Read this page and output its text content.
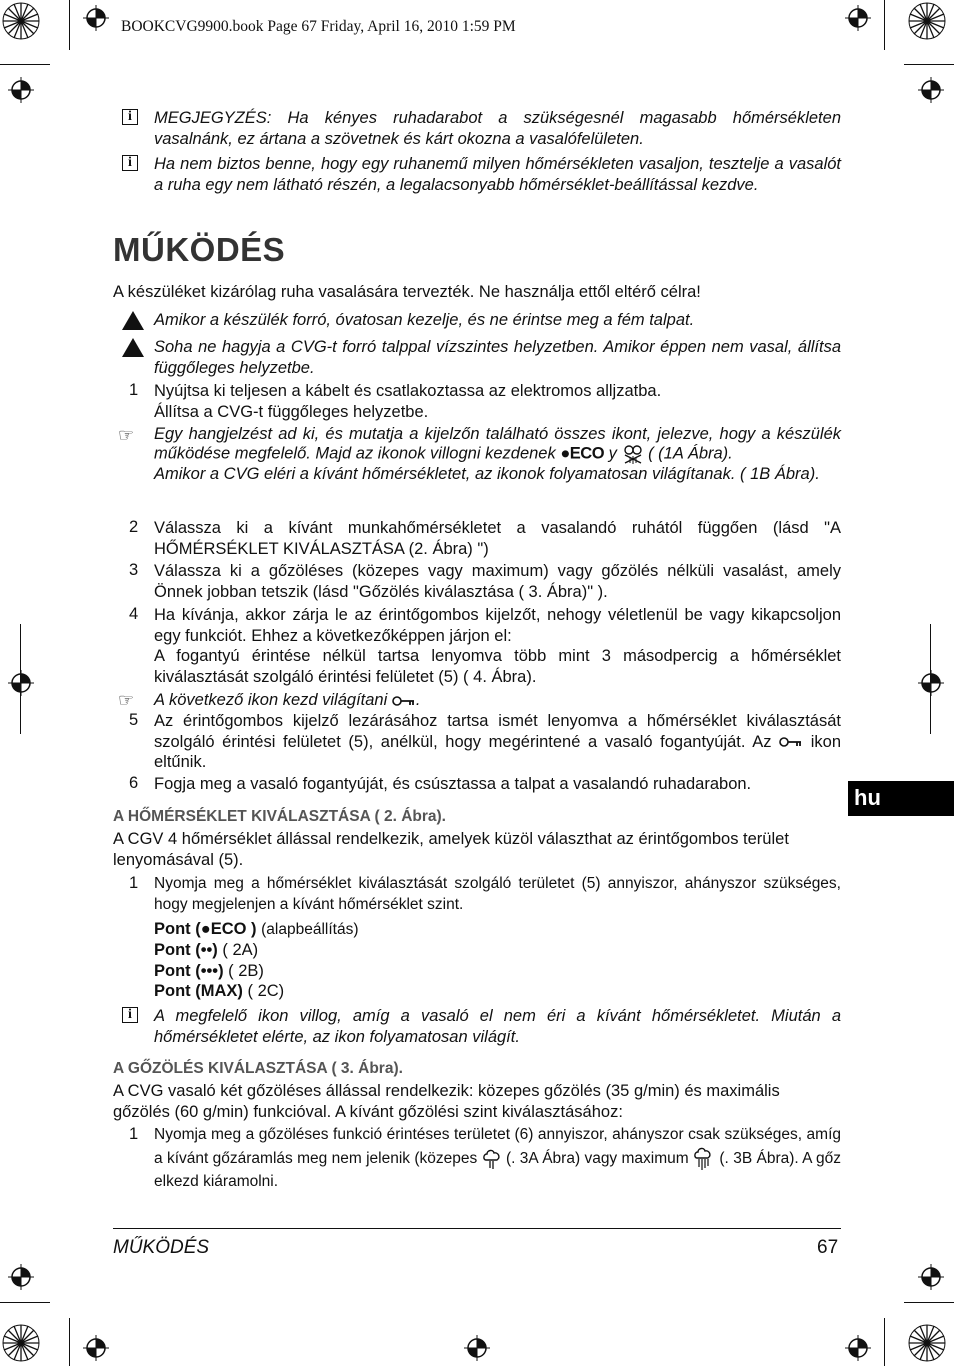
BOOKCVG9900.book Page 67 Friday, April 16, 2010 1:59 PM
i	MEGJEGYZÉS: Ha kényes ruhadarabot a szükségesnél magasabb hőmérsékleten vasalnánk, ez ártana a szövetnek és kárt okozna a vasalófelületen.

i	Ha nem biztos benne, hogy egy ruhanemű milyen hőmérsékleten vasaljon, tesztelje a vasalót a ruha egy nem látható részén, a legalacsonyabb hőmérséklet-beállítással kezdve.

MŰKÖDÉS

A készüléket kizárólag ruha vasalására tervezték. Ne használja ettől eltérő célra!

Amikor a készülék forró, óvatosan kezelje, és ne érintse meg a fém talpat.

Soha ne hagyja a CVG-t forró talppal vízszintes helyzetben. Amikor éppen nem vasal, állítsa függőleges helyzetbe.

1 Nyújtsa ki teljesen a kábelt és csatlakoztassa az elektromos alljzatba.

Állítsa a CVG-t függőleges helyzetbe.

☞ Egy hangjelzést ad ki, és mutatja a kijelzőn található összes ikont, jelezve, hogy a készülék működése megfelelő. Majd az ikonok villogni kezdenek ●ECO y ( (1A Ábra).

Amikor a CVG eléri a kívánt hőmérsékletet, az ikonok folyamatosan világítanak. ( 1B Ábra).

2 Válassza ki a kívánt munkahőmérsékletet a vasalandó ruhától függően (lásd "A HŐMÉRSÉKLET KIVÁLASZTÁSA (2. Ábra) ")

3 Válassza ki a gőzöléses (közepes vagy maximum) vagy gőzölés nélküli vasalást, amely Önnek jobban tetszik (lásd "Gőzölés kiválasztása ( 3. Ábra)" ).

4 Ha kívánja, akkor zárja le az érintőgombos kijelzőt, nehogy véletlenül be vagy kikapcsoljon egy funkciót. Ehhez a következőképpen járjon el:

A fogantyú érintése nélkül tartsa lenyomva több mint 3 másodpercig a hőmérséklet kiválasztását szolgáló érintési felületet (5) ( 4. Ábra).

☞ A következő ikon kezd világítani .

5 Az érintőgombos kijelző lezárásához tartsa ismét lenyomva a hőmérséklet kiválasztását szolgáló érintési felületet (5), anélkül, hogy megérintené a vasaló fogantyúját. Az ikon eltűnik.

6 Fogja meg a vasaló fogantyúját, és csúsztassa a talpat a vasalandó ruhadarabon.

hu
A HŐMÉRSÉKLET KIVÁLASZTÁSA ( 2. Ábra).

A CGV 4 hőmérséklet állással rendelkezik, amelyek küzöl választhat az érintőgombos terület lenyomásával (5).

1 Nyomja meg a hőmérséklet kiválasztását szolgáló területet (5) annyiszor, ahányszor szükséges, hogy megjelenjen a kívánt hőmérséklet szint.

Pont (●ECO ) (alapbeállítás)

Pont (••) ( 2A)

Pont (•••) ( 2B)

Pont (MAX) ( 2C)

i	A megfelelő ikon villog, amíg a vasaló el nem éri a kívánt hőmérsékletet. Miután a hőmérsékletet elérte, az ikon folyamatosan világít.

A GŐZÖLÉS KIVÁLASZTÁSA ( 3. Ábra).

A CVG vasaló két gőzöléses állással rendelkezik: közepes gőzölés (35 g/min) és maximális gőzölés (60 g/min) funkcióval. A kívánt gőzölési szint kiválasztásához:

1 Nyomja meg a gőzöléses funkció érintéses területet (6) annyiszor, ahányszor csak szükséges, amíg a kívánt gőzáramlás meg nem jelenik (közepes (. 3A Ábra) vagy maximum (. 3B Ábra). A gőz elkezd kiáramolni.

MŰKÖDÉS	67
